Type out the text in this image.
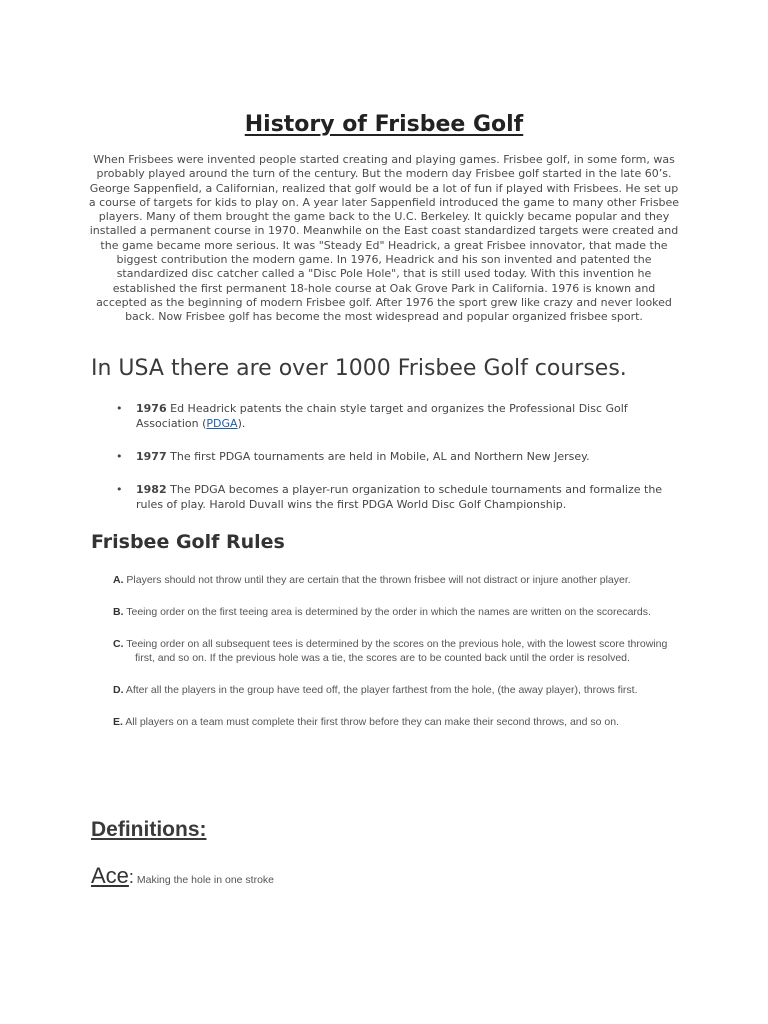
History of Frisbee Golf

When Frisbees were invented people started creating and playing games. Frisbee golf, in some form, was probably played around the turn of the century. But the modern day Frisbee golf started in the late 60’s. George Sappenfield, a Californian, realized that golf would be a lot of fun if played with Frisbees. He set up a course of targets for kids to play on. A year later Sappenfield introduced the game to many other Frisbee players. Many of them brought the game back to the U.C. Berkeley. It quickly became popular and they installed a permanent course in 1970. Meanwhile on the East coast standardized targets were created and the game became more serious. It was "Steady Ed" Headrick, a great Frisbee innovator, that made the biggest contribution the modern game. In 1976, Headrick and his son invented and patented the standardized disc catcher called a "Disc Pole Hole", that is still used today. With this invention he established the first permanent 18-hole course at Oak Grove Park in California. 1976 is known and accepted as the beginning of modern Frisbee golf. After 1976 the sport grew like crazy and never looked back. Now Frisbee golf has become the most widespread and popular organized frisbee sport.

In USA there are over 1000 Frisbee Golf courses.
• 1976 Ed Headrick patents the chain style target and organizes the Professional Disc Golf Association (PDGA).
• 1977 The first PDGA tournaments are held in Mobile, AL and Northern New Jersey.
• 1982 The PDGA becomes a player-run organization to schedule tournaments and formalize the rules of play. Harold Duvall wins the first PDGA World Disc Golf Championship.
Frisbee Golf Rules
A. Players should not throw until they are certain that the thrown frisbee will not distract or injure another player.
B. Teeing order on the first teeing area is determined by the order in which the names are written on the scorecards.
C. Teeing order on all subsequent tees is determined by the scores on the previous hole, with the lowest score throwing first, and so on. If the previous hole was a tie, the scores are to be counted back until the order is resolved.
D. After all the players in the group have teed off, the player farthest from the hole, (the away player), throws first.
E. All players on a team must complete their first throw before they can make their second throws, and so on.
Definitions:

Ace: Making the hole in one stroke
